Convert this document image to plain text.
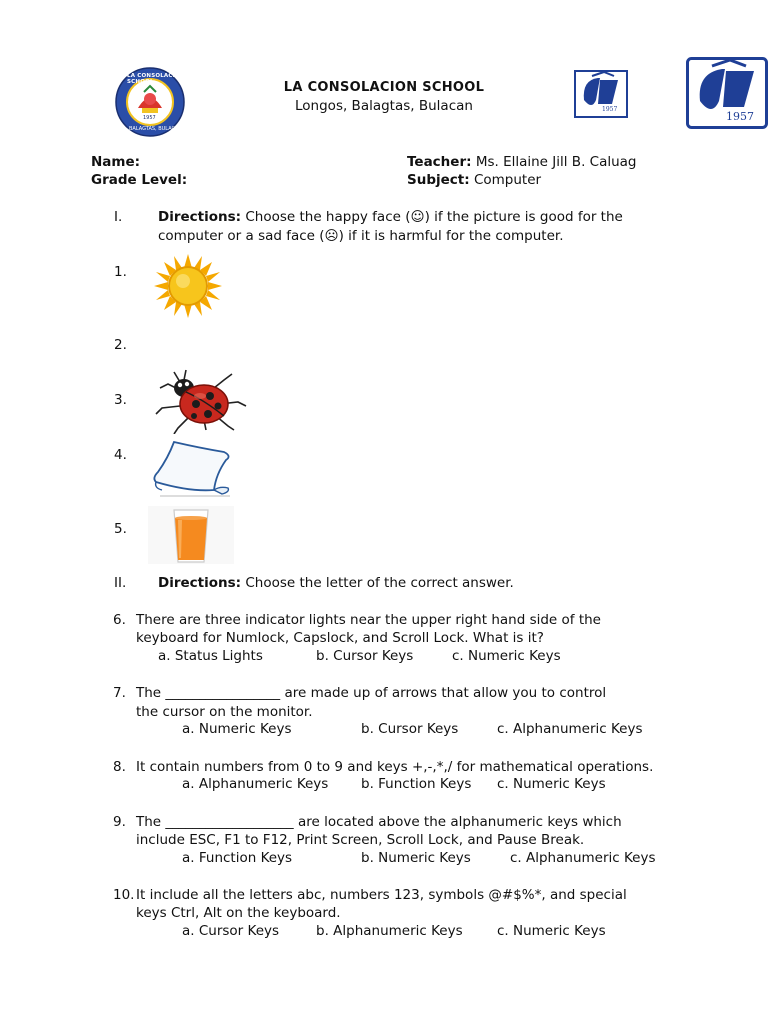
LA CONSOLACION SCHOOL
1957
BALAGTAS, BULACAN
LA CONSOLACION SCHOOL
Longos, Balagtas, Bulacan	1957
1957
Name:
Grade Level:
Teacher: Ms. Ellaine Jill B. Caluag
Subject: Computer
I.	Directions: Choose the happy face (☺) if the picture is good for the
computer or a sad face (☹) if it is harmful for the computer.
1.
2.
3.
4.
5.
II. Directions: Choose the letter of the correct answer.
6. There are three indicator lights near the upper right hand side of the
keyboard for Numlock, Capslock, and Scroll Lock. What is it?
a. Status Lights	b. Cursor Keys	c. Numeric Keys
7. The _________________ are made up of arrows that allow you to control
the cursor on the monitor.
a. Numeric Keys	b. Cursor Keys	c. Alphanumeric Keys
8. It contain numbers from 0 to 9 and keys +,-,*,/ for mathematical operations.
a. Alphanumeric Keys b. Function Keys c. Numeric Keys
9. The ___________________ are located above the alphanumeric keys which
include ESC, F1 to F12, Print Screen, Scroll Lock, and Pause Break.
a. Function Keys	b. Numeric Keys	c. Alphanumeric Keys
10. It include all the letters abc, numbers 123, symbols @#$%*, and special
keys Ctrl, Alt on the keyboard.
a. Cursor Keys	b. Alphanumeric Keys	c. Numeric Keys
